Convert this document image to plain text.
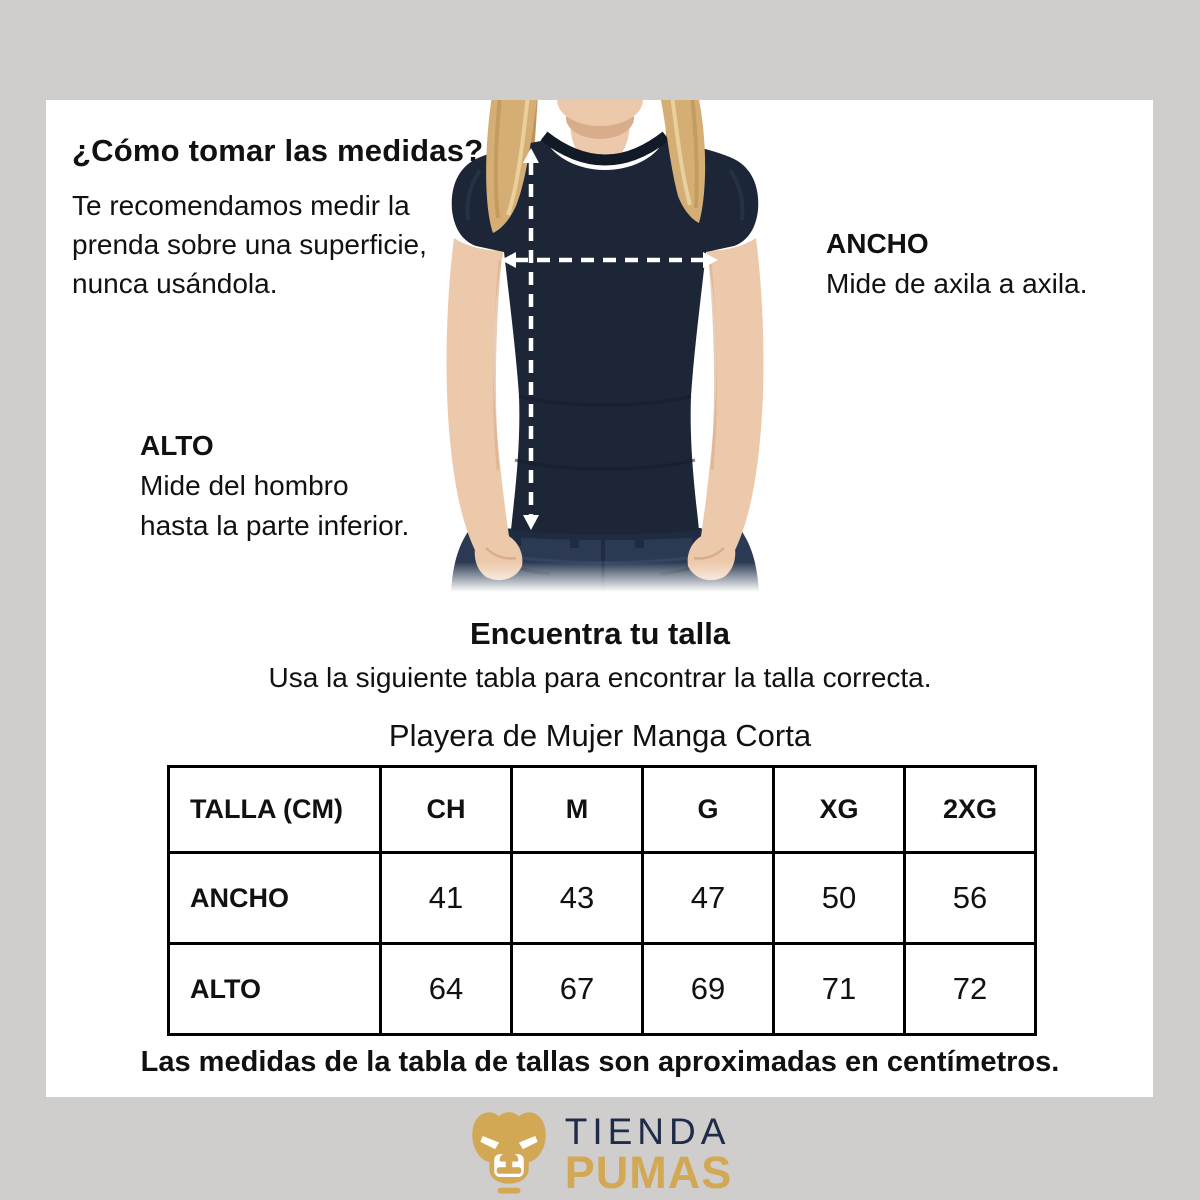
¿Cómo tomar las medidas?
Te recomendamos medir la
prenda sobre una superficie,
nunca usándola.
ANCHO
Mide de axila a axila.
ALTO
Mide del hombro
hasta la parte inferior.
Encuentra tu talla
Usa la siguiente tabla para encontrar la talla correcta.
Playera de Mujer Manga Corta
TALLA (CM)	CH	M	G	XG	2XG
ANCHO	41	43	47	50	56
ALTO	64	67	69	71	72
Las medidas de la tabla de tallas son aproximadas en centímetros.
TIENDA
PUMAS
